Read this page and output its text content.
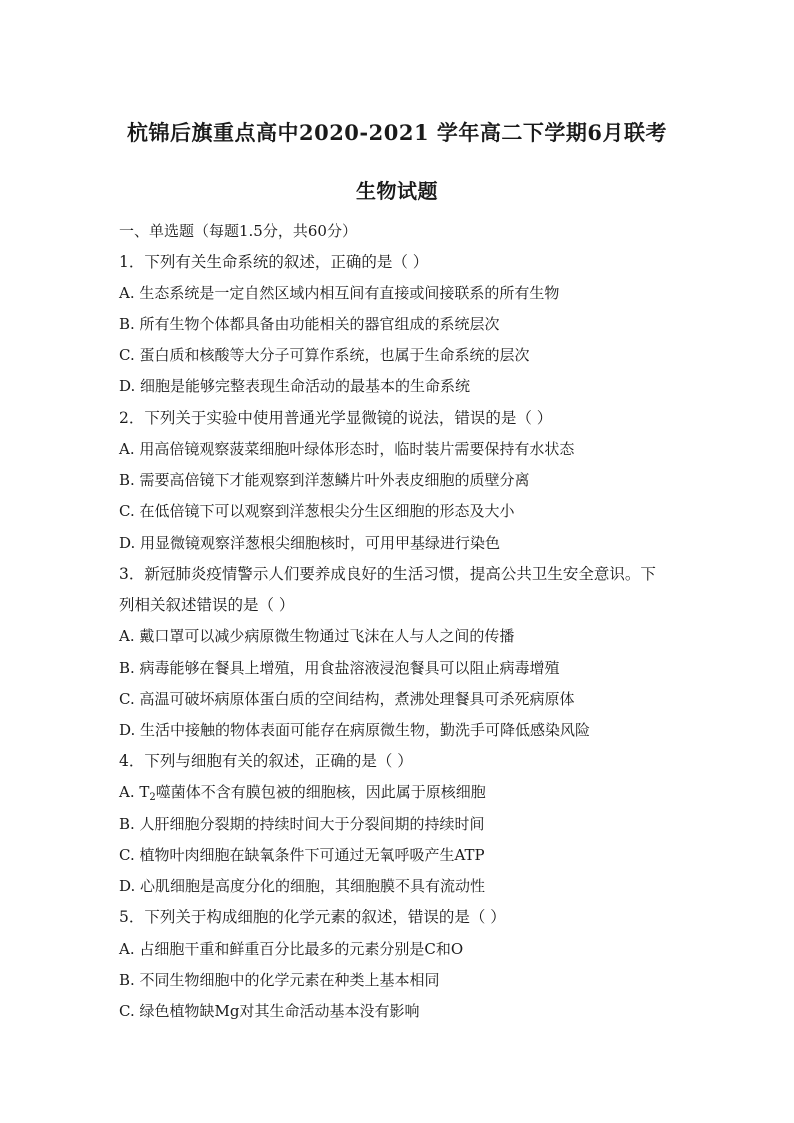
杭锦后旗重点高中2020-2021 学年高二下学期6月联考
生物试题
一、单选题（每题1.5分，共60分）
1．下列有关生命系统的叙述，正确的是（ ）
A. 生态系统是一定自然区域内相互间有直接或间接联系的所有生物
B. 所有生物个体都具备由功能相关的器官组成的系统层次
C. 蛋白质和核酸等大分子可算作系统，也属于生命系统的层次
D. 细胞是能够完整表现生命活动的最基本的生命系统
2．下列关于实验中使用普通光学显微镜的说法，错误的是（ ）
A. 用高倍镜观察菠菜细胞叶绿体形态时，临时装片需要保持有水状态
B. 需要高倍镜下才能观察到洋葱鳞片叶外表皮细胞的质壁分离
C. 在低倍镜下可以观察到洋葱根尖分生区细胞的形态及大小
D. 用显微镜观察洋葱根尖细胞核时，可用甲基绿进行染色
3．新冠肺炎疫情警示人们要养成良好的生活习惯，提高公共卫生安全意识。下
列相关叙述错误的是（ ）
A. 戴口罩可以减少病原微生物通过飞沫在人与人之间的传播
B. 病毒能够在餐具上增殖，用食盐溶液浸泡餐具可以阻止病毒增殖
C. 高温可破坏病原体蛋白质的空间结构，煮沸处理餐具可杀死病原体
D. 生活中接触的物体表面可能存在病原微生物，勤洗手可降低感染风险
4．下列与细胞有关的叙述，正确的是（ ）
A. $T_2$噬菌体不含有膜包被的细胞核，因此属于原核细胞
B. 人肝细胞分裂期的持续时间大于分裂间期的持续时间
C. 植物叶肉细胞在缺氧条件下可通过无氧呼吸产生ATP
D. 心肌细胞是高度分化的细胞，其细胞膜不具有流动性
5．下列关于构成细胞的化学元素的叙述，错误的是（ ）
A. 占细胞干重和鲜重百分比最多的元素分别是C和O
B. 不同生物细胞中的化学元素在种类上基本相同
C. 绿色植物缺Mg对其生命活动基本没有影响
